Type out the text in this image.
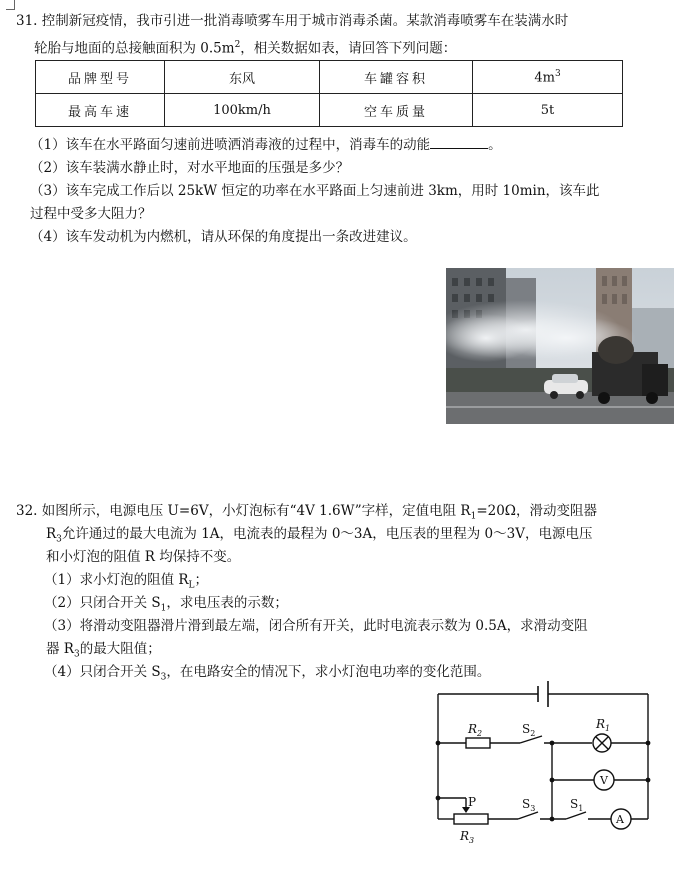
31. 控制新冠疫情，我市引进一批消毒喷雾车用于城市消毒杀菌。某款消毒喷雾车在装满水时
轮胎与地面的总接触面积为 $0.5m^2$，相关数据如表，请回答下列问题：
品牌型号	东风	车罐容积	$4m^3$
最高车速	100km/h	空车质量	5t
（1）该车在水平路面匀速前进喷洒消毒液的过程中，消毒车的动能	。
（2）该车装满水静止时，对水平地面的压强是多少？
（3）该车完成工作后以 25kW 恒定的功率在水平路面上匀速前进 3km，用时 10min，该车此
过程中受多大阻力？
（4）该车发动机为内燃机，请从环保的角度提出一条改进建议。
32. 如图所示，电源电压 U=6V，小灯泡标有“4V 1.6W”字样，定值电阻 $R_1=20\Omega$，滑动变阻器
$R_3$允许通过的最大电流为 1A，电流表的最程为 0～3A，电压表的里程为 0～3V，电源电压
和小灯泡的阻值 R 均保持不变。
（1）求小灯泡的阻值 $R_L$；
（2）只闭合开关 $S_1$，求电压表的示数；
（3）将滑动变阻器滑片滑到最左端，闭合所有开关，此时电流表示数为 0.5A，求滑动变阻
器 $R_3$的最大阻值；
（4）只闭合开关 $S_3$，在电路安全的情况下，求小灯泡电功率的变化范围。
$R_2$	$S_2$
$R_1$
V
P	$S_3$	$S_1$
A
$R_3$
